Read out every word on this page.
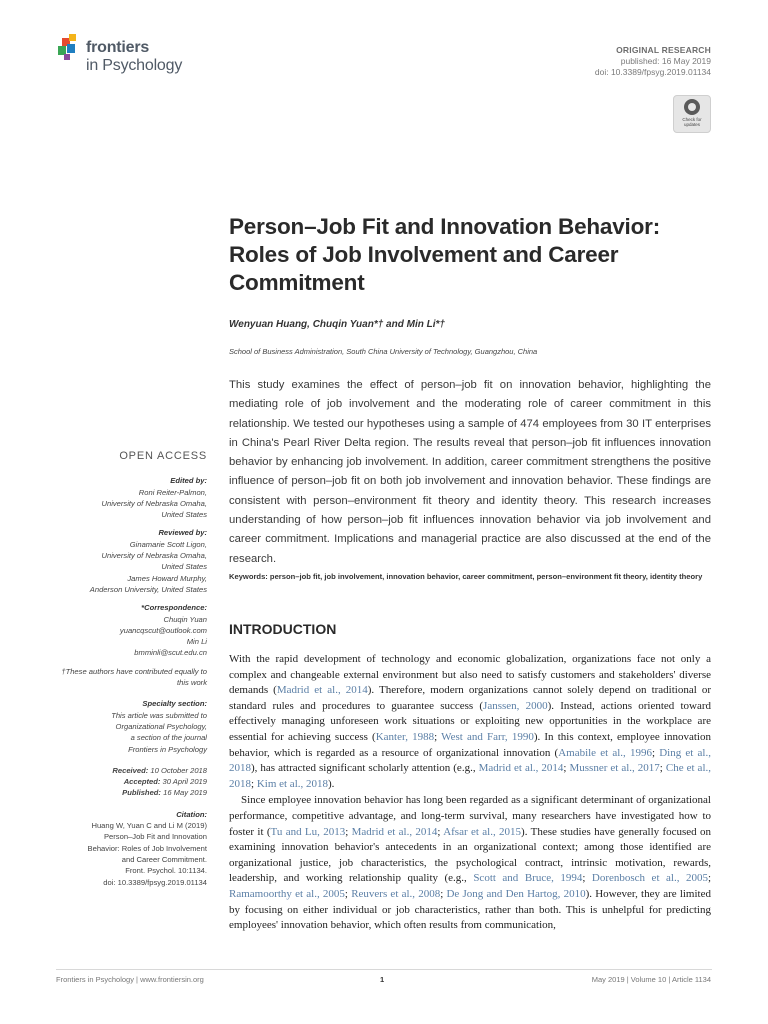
frontiers
in Psychology
ORIGINAL RESEARCH
published: 16 May 2019
doi: 10.3389/fpsyg.2019.01134
Check for updates
Person–Job Fit and Innovation Behavior: Roles of Job Involvement and Career Commitment
Wenyuan Huang, Chuqin Yuan*† and Min Li*†
School of Business Administration, South China University of Technology, Guangzhou, China
This study examines the effect of person–job fit on innovation behavior, highlighting the mediating role of job involvement and the moderating role of career commitment in this relationship. We tested our hypotheses using a sample of 474 employees from 30 IT enterprises in China's Pearl River Delta region. The results reveal that person–job fit influences innovation behavior by enhancing job involvement. In addition, career commitment strengthens the positive influence of person–job fit on both job involvement and innovation behavior. These findings are consistent with person–environment fit theory and identity theory. This research increases understanding of how person–job fit influences innovation behavior via job involvement and career commitment. Implications and managerial practice are also discussed at the end of the research.
Keywords: person–job fit, job involvement, innovation behavior, career commitment, person–environment fit theory, identity theory
INTRODUCTION

With the rapid development of technology and economic globalization, organizations face not only a complex and changeable external environment but also need to satisfy customers and stakeholders' diverse demands (Madrid et al., 2014). Therefore, modern organizations cannot solely depend on traditional or standard rules and procedures to guarantee success (Janssen, 2000). Instead, actions oriented toward effectively managing unforeseen work situations or exploiting new opportunities in the workplace are essential for achieving success (Kanter, 1988; West and Farr, 1990). In this context, employee innovation behavior, which is regarded as a resource of organizational innovation (Amabile et al., 1996; Ding et al., 2018), has attracted significant scholarly attention (e.g., Madrid et al., 2014; Mussner et al., 2017; Che et al., 2018; Kim et al., 2018).

Since employee innovation behavior has long been regarded as a significant determinant of organizational performance, competitive advantage, and long-term survival, many researchers have investigated how to foster it (Tu and Lu, 2013; Madrid et al., 2014; Afsar et al., 2015). These studies have generally focused on examining innovation behavior's antecedents in an organizational context; among those identified are organizational justice, job characteristics, the psychological contract, intrinsic motivation, rewards, leadership, and working relationship quality (e.g., Scott and Bruce, 1994; Dorenbosch et al., 2005; Ramamoorthy et al., 2005; Reuvers et al., 2008; De Jong and Den Hartog, 2010). However, they are limited by focusing on either individual or job characteristics, rather than both. This is unhelpful for predicting employees' innovation behavior, which often results from communication,

OPEN ACCESS
Edited by:
Roni Reiter-Palmon,
University of Nebraska Omaha,
United States
Reviewed by:
Ginamarie Scott Ligon,
University of Nebraska Omaha,
United States
James Howard Murphy,
Anderson University, United States
*Correspondence:
Chuqin Yuan
yuancqscut@outlook.com
Min Li
bmminli@scut.edu.cn
†These authors have contributed equally to this work
Specialty section:
This article was submitted to
Organizational Psychology,
a section of the journal
Frontiers in Psychology
Received: 10 October 2018
Accepted: 30 April 2019
Published: 16 May 2019
Citation:
Huang W, Yuan C and Li M (2019)
Person–Job Fit and Innovation
Behavior: Roles of Job Involvement
and Career Commitment.
Front. Psychol. 10:1134.
doi: 10.3389/fpsyg.2019.01134
Frontiers in Psychology | www.frontiersin.org	1	May 2019 | Volume 10 | Article 1134
